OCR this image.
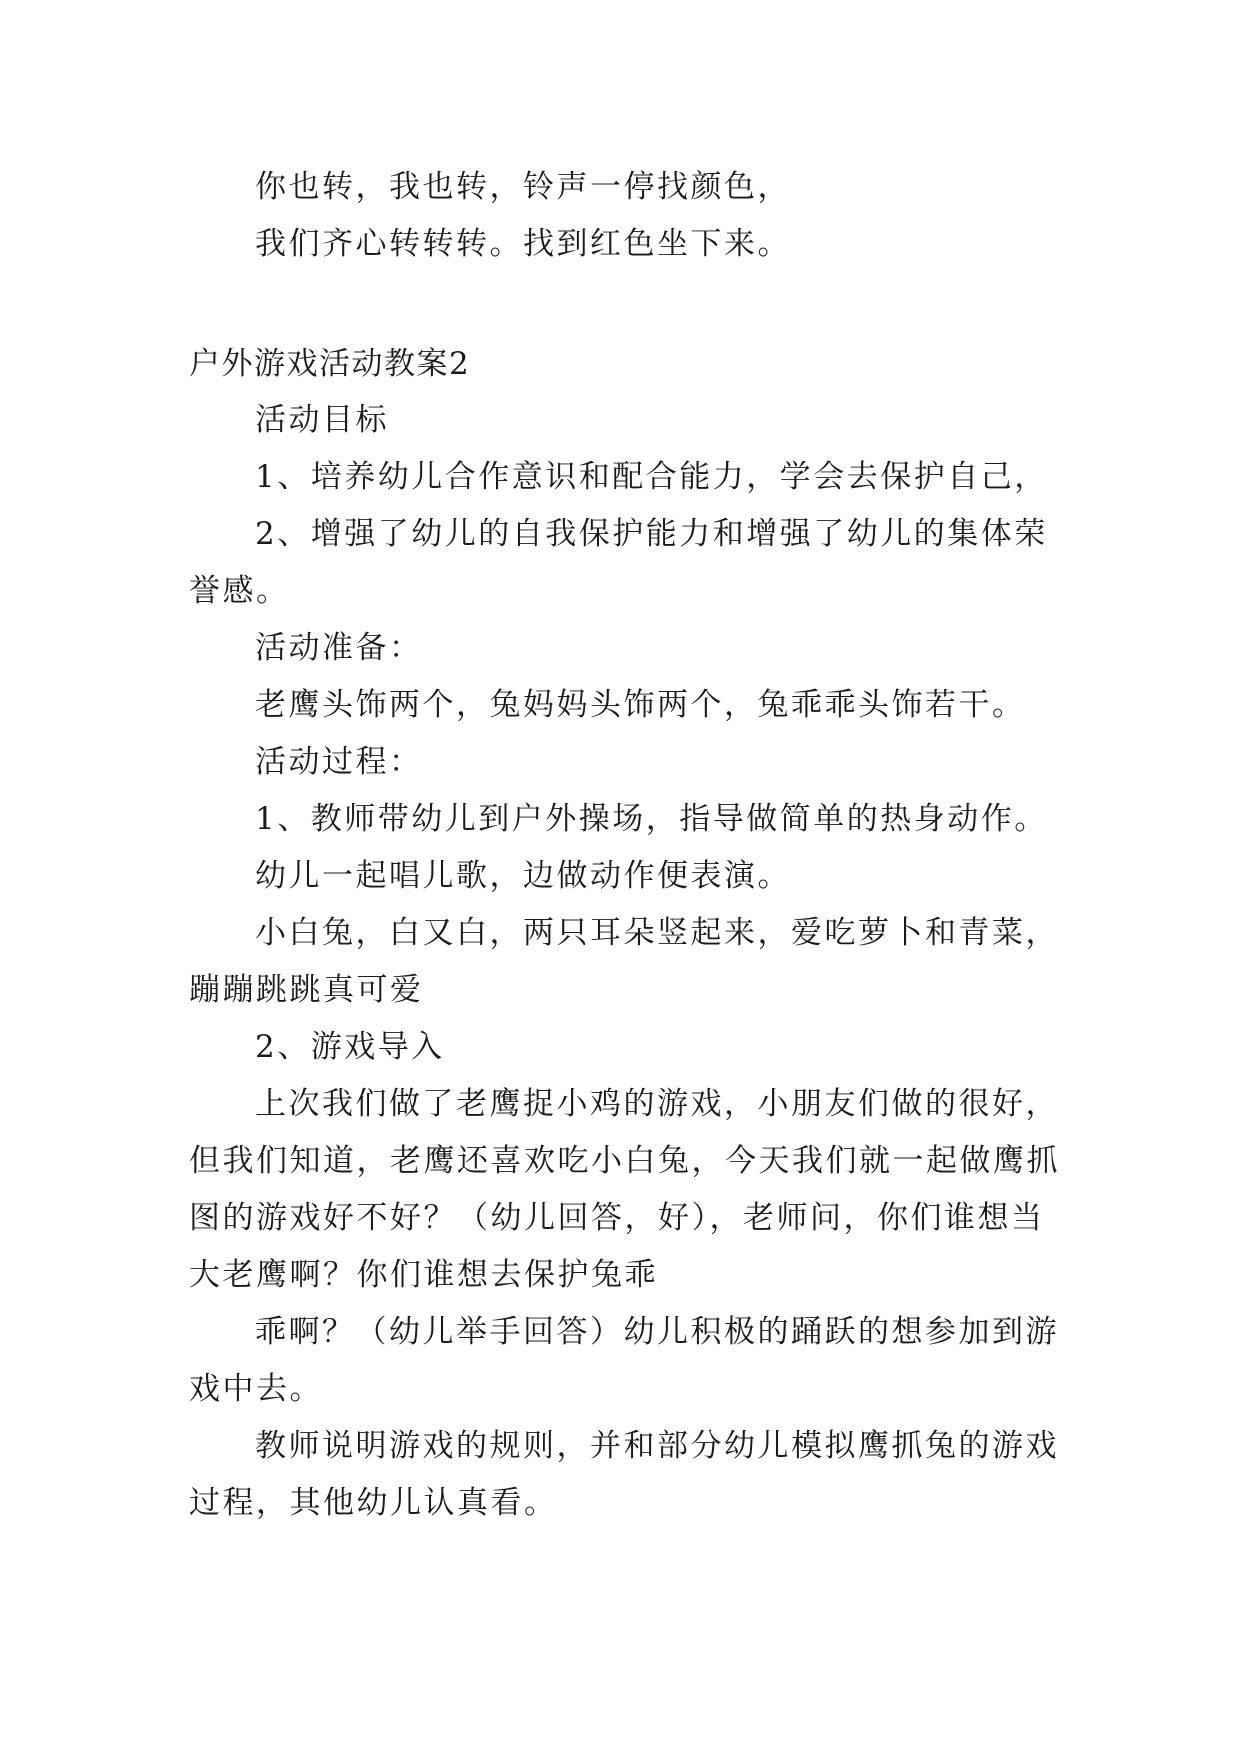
你也转，我也转，铃声一停找颜色，
我们齐心转转转。找到红色坐下来。
户外游戏活动教案2
活动目标
1、培养幼儿合作意识和配合能力，学会去保护自己，
2、增强了幼儿的自我保护能力和增强了幼儿的集体荣
誉感。
活动准备：
老鹰头饰两个，兔妈妈头饰两个，兔乖乖头饰若干。
活动过程：
1、教师带幼儿到户外操场，指导做简单的热身动作。
幼儿一起唱儿歌，边做动作便表演。
小白兔，白又白，两只耳朵竖起来，爱吃萝卜和青菜，
蹦蹦跳跳真可爱
2、游戏导入
上次我们做了老鹰捉小鸡的游戏，小朋友们做的很好，
但我们知道，老鹰还喜欢吃小白兔，今天我们就一起做鹰抓
图的游戏好不好？（幼儿回答，好），老师问，你们谁想当
大老鹰啊？你们谁想去保护兔乖
乖啊？（幼儿举手回答）幼儿积极的踊跃的想参加到游
戏中去。
教师说明游戏的规则，并和部分幼儿模拟鹰抓兔的游戏
过程，其他幼儿认真看。
